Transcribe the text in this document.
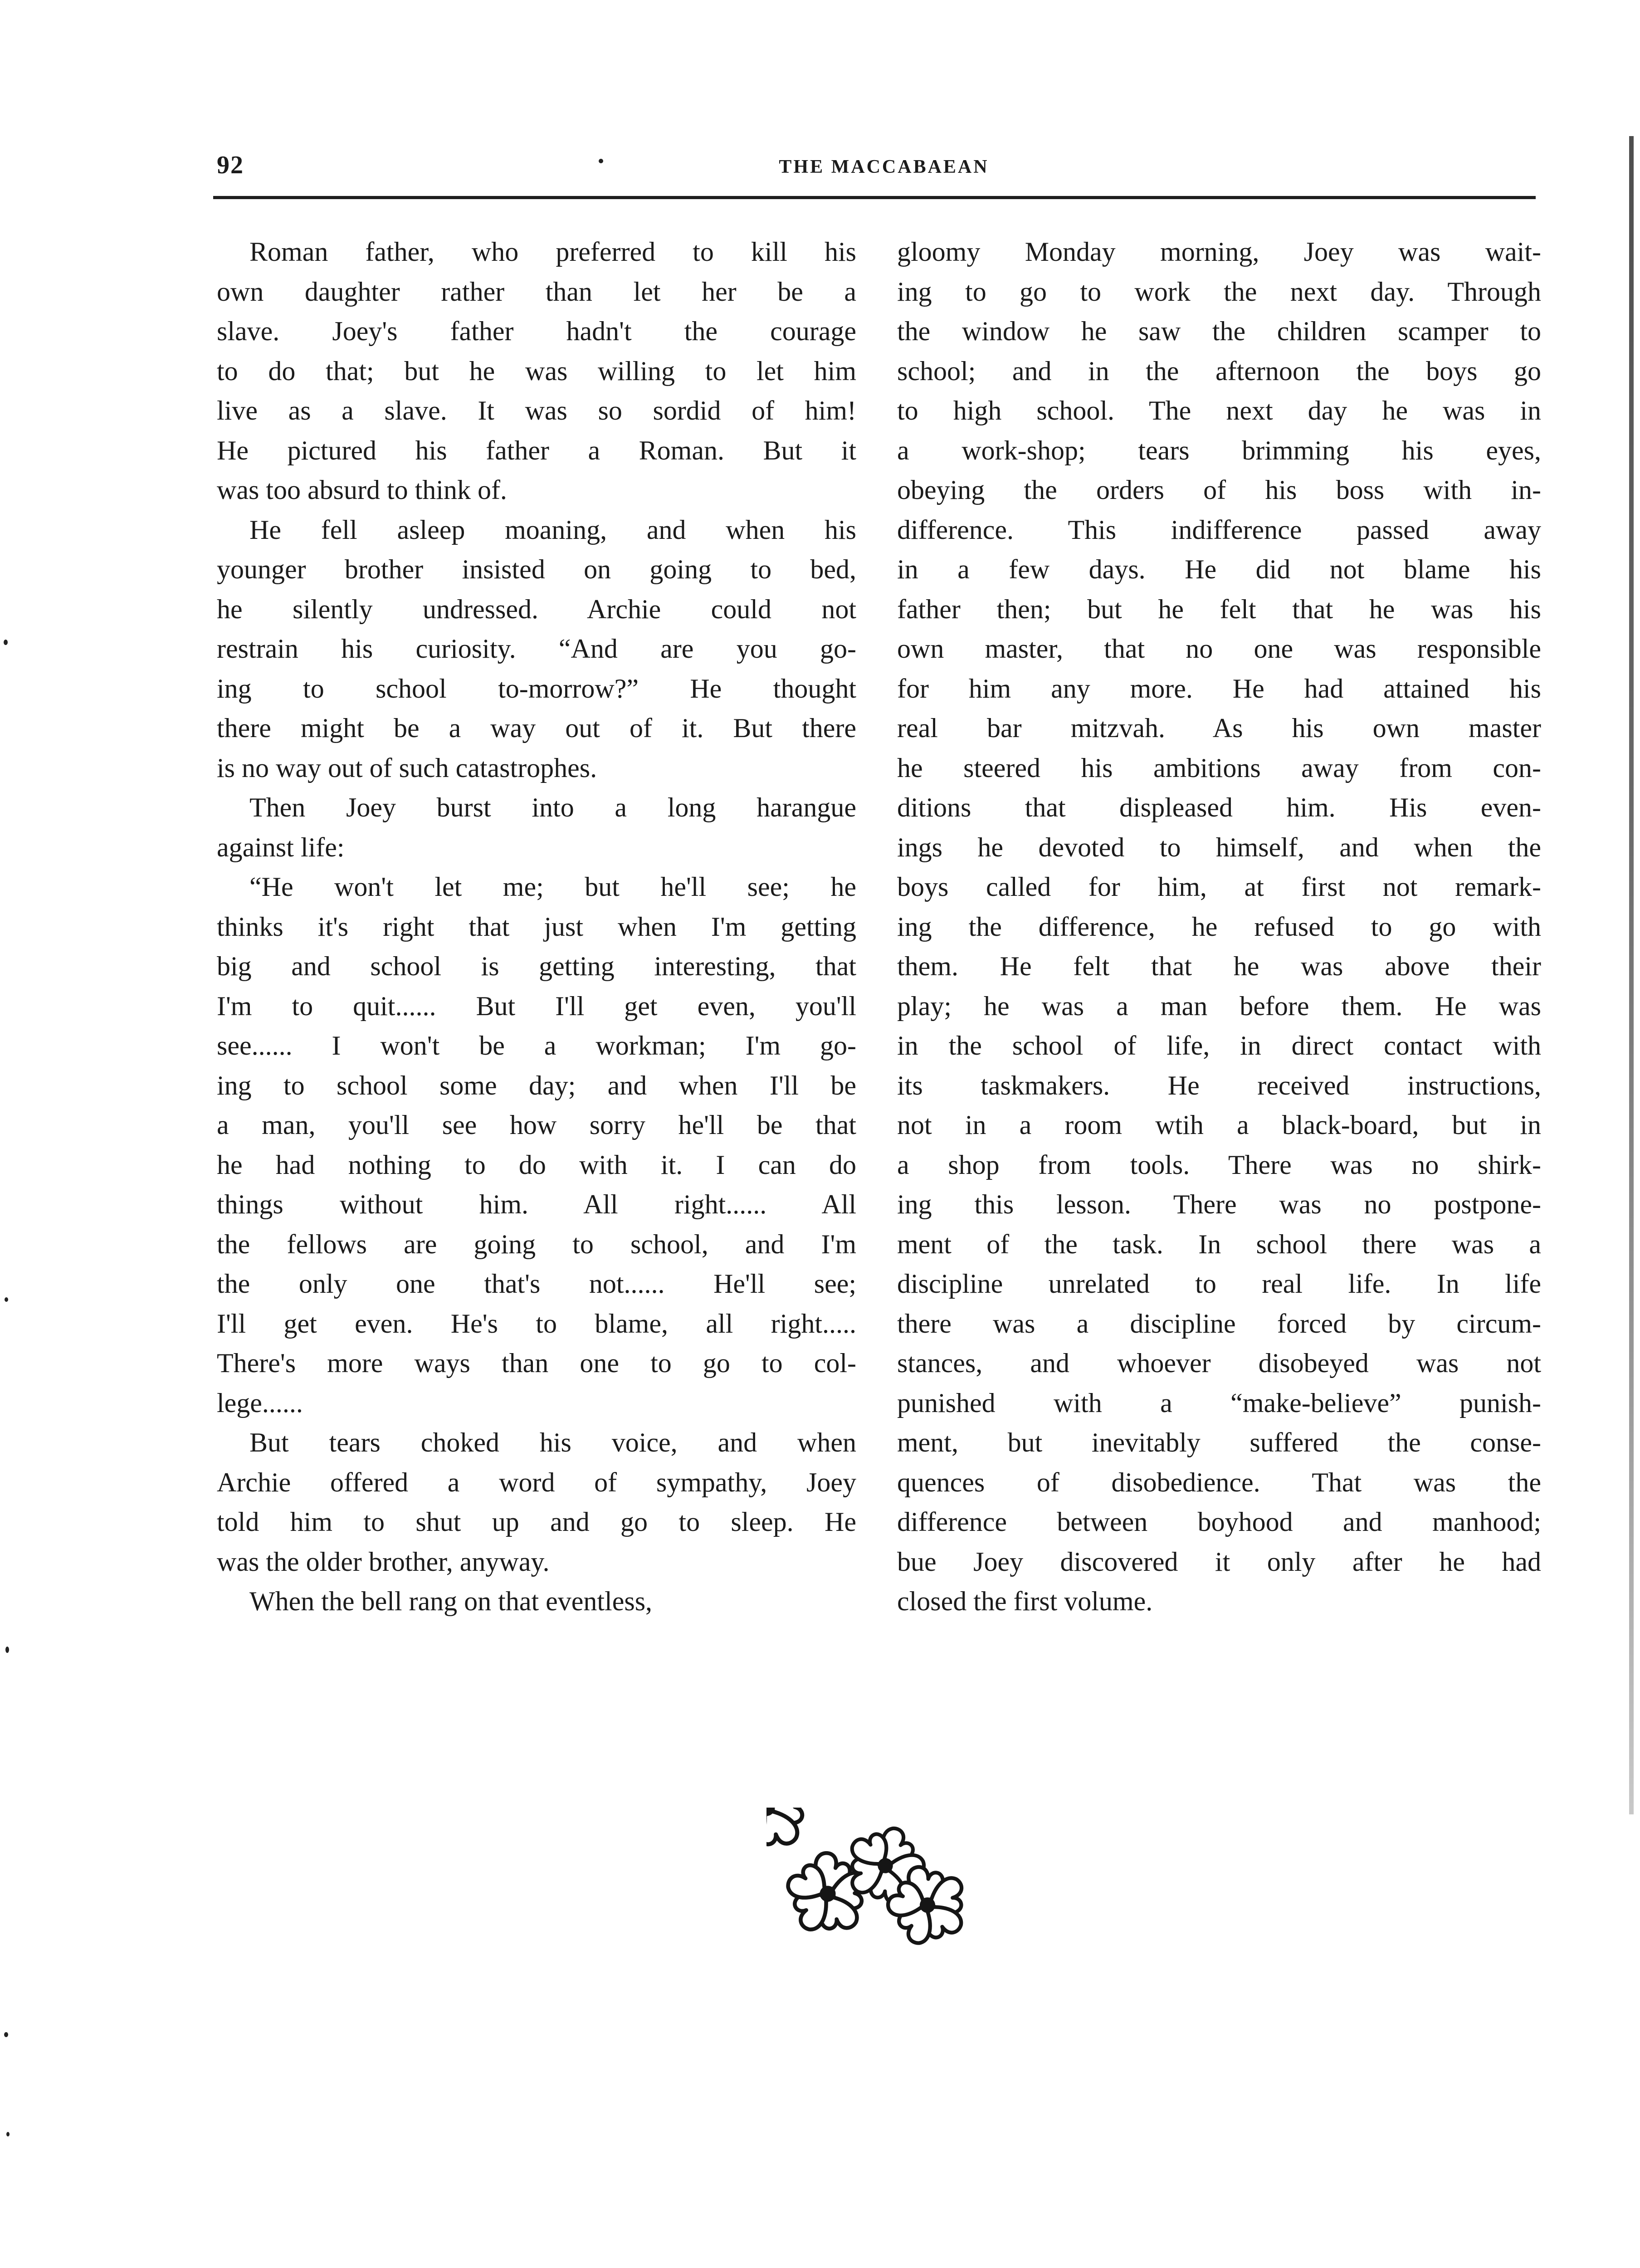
92	THE MACCABAEAN

Roman father, who preferred to kill his
own daughter rather than let her be a
slave. Joey's father hadn't the courage
to do that; but he was willing to let him
live as a slave. It was so sordid of him!
He pictured his father a Roman. But it
was too absurd to think of.

He fell asleep moaning, and when his
younger brother insisted on going to bed,
he silently undressed. Archie could not
restrain his curiosity. “And are you go-
ing to school to-morrow?” He thought
there might be a way out of it. But there
is no way out of such catastrophes.

Then Joey burst into a long harangue
against life:

“He won't let me; but he'll see; he
thinks it's right that just when I'm getting
big and school is getting interesting, that
I'm to quit...... But I'll get even, you'll
see...... I won't be a workman; I'm go-
ing to school some day; and when I'll be
a man, you'll see how sorry he'll be that
he had nothing to do with it. I can do
things without him. All right...... All
the fellows are going to school, and I'm
the only one that's not...... He'll see;
I'll get even. He's to blame, all right.....
There's more ways than one to go to col-
lege......

But tears choked his voice, and when
Archie offered a word of sympathy, Joey
told him to shut up and go to sleep. He
was the older brother, anyway.

When the bell rang on that eventless,

gloomy Monday morning, Joey was wait-
ing to go to work the next day. Through
the window he saw the children scamper to
school; and in the afternoon the boys go
to high school. The next day he was in
a work-shop; tears brimming his eyes,
obeying the orders of his boss with in-
difference. This indifference passed away
in a few days. He did not blame his
father then; but he felt that he was his
own master, that no one was responsible
for him any more. He had attained his
real bar mitzvah. As his own master
he steered his ambitions away from con-
ditions that displeased him. His even-
ings he devoted to himself, and when the
boys called for him, at first not remark-
ing the difference, he refused to go with
them. He felt that he was above their
play; he was a man before them. He was
in the school of life, in direct contact with
its taskmakers. He received instructions,
not in a room wtih a black-board, but in
a shop from tools. There was no shirk-
ing this lesson. There was no postpone-
ment of the task. In school there was a
discipline unrelated to real life. In life
there was a discipline forced by circum-
stances, and whoever disobeyed was not
punished with a “make-believe” punish-
ment, but inevitably suffered the conse-
quences of disobedience. That was the
difference between boyhood and manhood;
bue Joey discovered it only after he had
closed the first volume.
